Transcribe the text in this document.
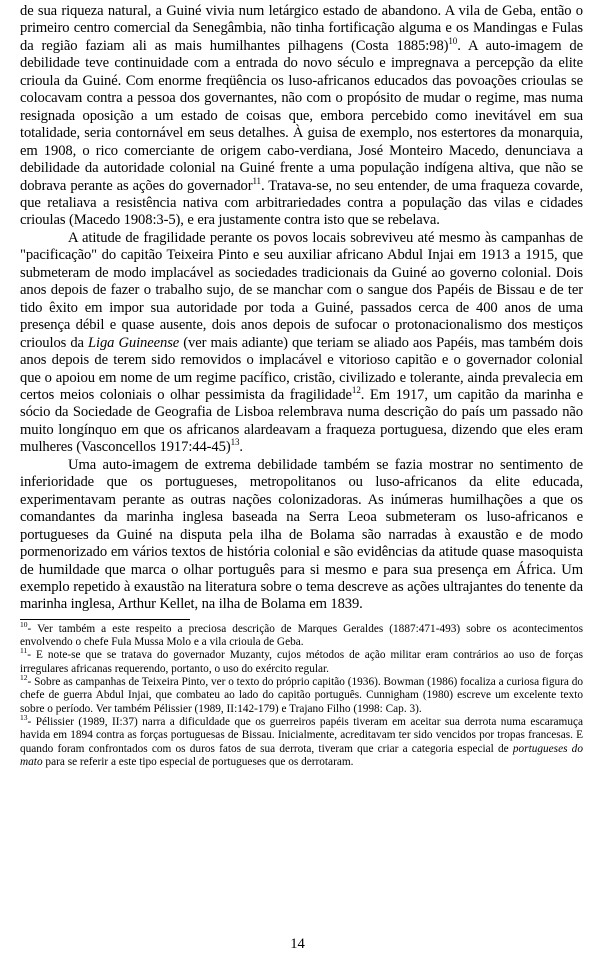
de sua riqueza natural, a Guiné vivia num letárgico estado de abandono. A vila de Geba, então o primeiro centro comercial da Senegâmbia, não tinha fortificação alguma e os Mandingas e Fulas da região faziam ali as mais humilhantes pilhagens (Costa 1885:98)$^{10}$. A auto-imagem de debilidade teve continuidade com a entrada do novo século e impregnava a percepção da elite crioula da Guiné. Com enorme freqüência os luso-africanos educados das povoações crioulas se colocavam contra a pessoa dos governantes, não com o propósito de mudar o regime, mas numa resignada oposição a um estado de coisas que, embora percebido como inevitável em sua totalidade, seria contornável em seus detalhes. À guisa de exemplo, nos estertores da monarquia, em 1908, o rico comerciante de origem cabo-verdiana, José Monteiro Macedo, denunciava a debilidade da autoridade colonial na Guiné frente a uma população indígena altiva, que não se dobrava perante as ações do governador$^{11}$. Tratava-se, no seu entender, de uma fraqueza covarde, que retaliava a resistência nativa com arbitrariedades contra a população das vilas e cidades crioulas (Macedo 1908:3-5), e era justamente contra isto que se rebelava.

A atitude de fragilidade perante os povos locais sobreviveu até mesmo às campanhas de "pacificação" do capitão Teixeira Pinto e seu auxiliar africano Abdul Injai em 1913 a 1915, que submeteram de modo implacável as sociedades tradicionais da Guiné ao governo colonial. Dois anos depois de fazer o trabalho sujo, de se manchar com o sangue dos Papéis de Bissau e de ter tido êxito em impor sua autoridade por toda a Guiné, passados cerca de 400 anos de uma presença débil e quase ausente, dois anos depois de sufocar o protonacionalismo dos mestiços crioulos da Liga Guineense (ver mais adiante) que teriam se aliado aos Papéis, mas também dois anos depois de terem sido removidos o implacável e vitorioso capitão e o governador colonial que o apoiou em nome de um regime pacífico, cristão, civilizado e tolerante, ainda prevalecia em certos meios coloniais o olhar pessimista da fragilidade$^{12}$. Em 1917, um capitão da marinha e sócio da Sociedade de Geografia de Lisboa relembrava numa descrição do país um passado não muito longínquo em que os africanos alardeavam a fraqueza portuguesa, dizendo que eles eram mulheres (Vasconcellos 1917:44-45)$^{13}$.

Uma auto-imagem de extrema debilidade também se fazia mostrar no sentimento de inferioridade que os portugueses, metropolitanos ou luso-africanos da elite educada, experimentavam perante as outras nações colonizadoras. As inúmeras humilhações a que os comandantes da marinha inglesa baseada na Serra Leoa submeteram os luso-africanos e portugueses da Guiné na disputa pela ilha de Bolama são narradas à exaustão e de modo pormenorizado em vários textos de história colonial e são evidências da atitude quase masoquista de humildade que marca o olhar português para si mesmo e para sua presença em África. Um exemplo repetido à exaustão na literatura sobre o tema descreve as ações ultrajantes do tenente da marinha inglesa, Arthur Kellet, na ilha de Bolama em 1839.

$^{10}$- Ver também a este respeito a preciosa descrição de Marques Geraldes (1887:471-493) sobre os acontecimentos envolvendo o chefe Fula Mussa Molo e a vila crioula de Geba.

$^{11}$- E note-se que se tratava do governador Muzanty, cujos métodos de ação militar eram contrários ao uso de forças irregulares africanas requerendo, portanto, o uso do exército regular.

$^{12}$- Sobre as campanhas de Teixeira Pinto, ver o texto do próprio capitão (1936). Bowman (1986) focaliza a curiosa figura do chefe de guerra Abdul Injai, que combateu ao lado do capitão português. Cunnigham (1980) escreve um excelente texto sobre o período. Ver também Pélissier (1989, II:142-179) e Trajano Filho (1998: Cap. 3).

$^{13}$- Pélissier (1989, II:37) narra a dificuldade que os guerreiros papéis tiveram em aceitar sua derrota numa escaramuça havida em 1894 contra as forças portuguesas de Bissau. Inicialmente, acreditavam ter sido vencidos por tropas francesas. E quando foram confrontados com os duros fatos de sua derrota, tiveram que criar a categoria especial de portugueses do mato para se referir a este tipo especial de portugueses que os derrotaram.

14
